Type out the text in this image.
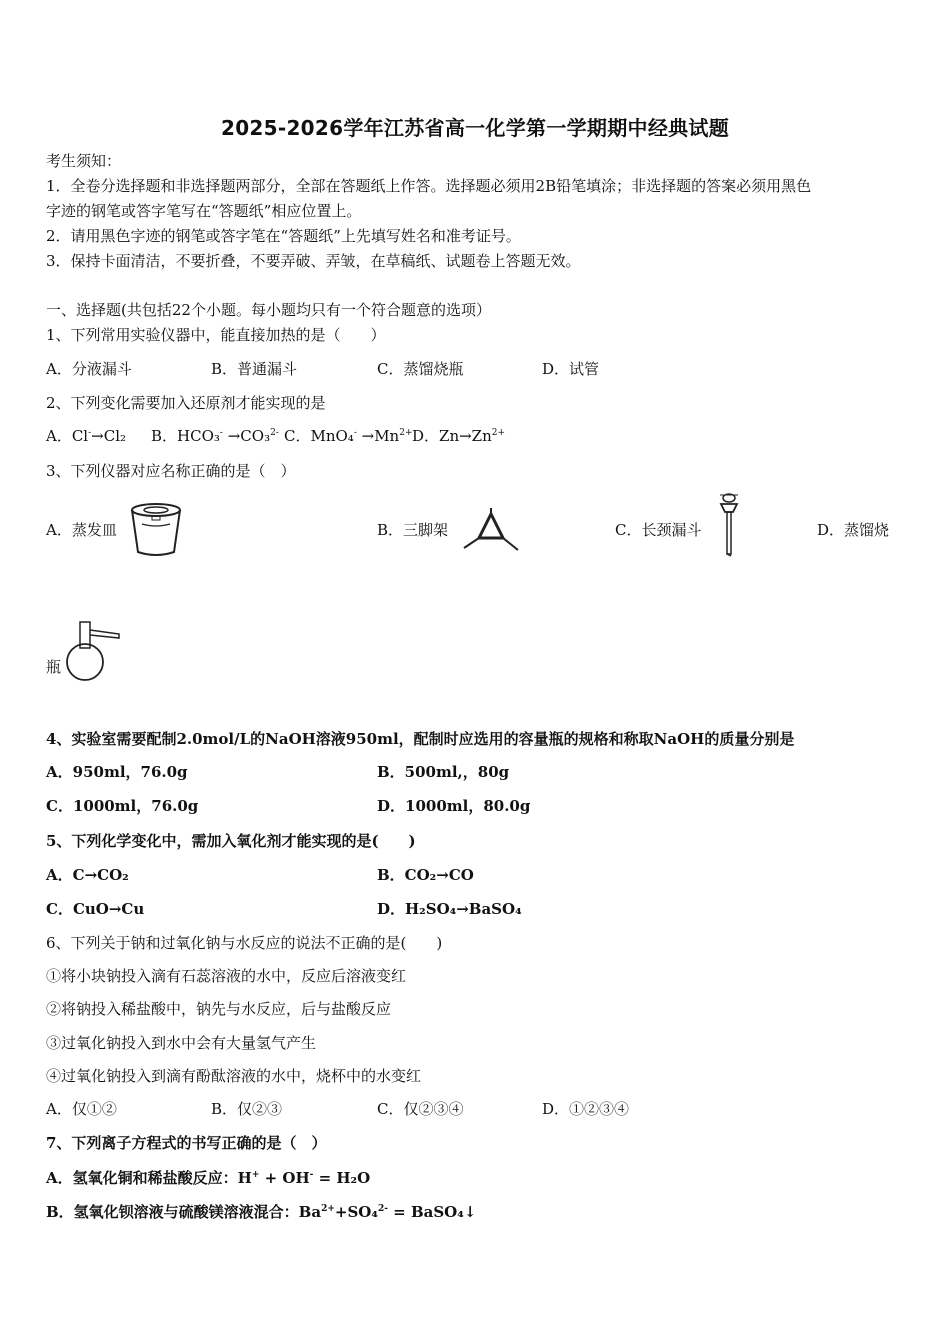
2025-2026学年江苏省高一化学第一学期期中经典试题
考生须知：
1．全卷分选择题和非选择题两部分，全部在答题纸上作答。选择题必须用2B铅笔填涂；非选择题的答案必须用黑色
字迹的钢笔或答字笔写在“答题纸”相应位置上。
2．请用黑色字迹的钢笔或答字笔在“答题纸”上先填写姓名和准考证号。
3．保持卡面清洁，不要折叠，不要弄破、弄皱，在草稿纸、试题卷上答题无效。
一、选择题(共包括22个小题。每小题均只有一个符合题意的选项）
1、下列常用实验仪器中，能直接加热的是（　　）
A．分液漏斗	B．普通漏斗	C．蒸馏烧瓶	D．试管
2、下列变化需要加入还原剂才能实现的是
A．Cl-→Cl₂ B．HCO₃- →CO₃$^{2-}$ C．$MnO_4^- \to Mn^{2+}$ D．$Zn\to Zn^{2+}$
3、下列仪器对应名称正确的是（　）
A．蒸发皿	B．三脚架	C．长颈漏斗	D．蒸馏烧
瓶
4、实验室需要配制2.0mol/L的NaOH溶液950ml，配制时应选用的容量瓶的规格和称取NaOH的质量分别是
A．950ml，76.0g	B．500ml,，80g
C．1000ml，76.0g	D．1000ml，80.0g
5、下列化学变化中，需加入氧化剂才能实现的是(　　)
A．C→CO₂	B．CO₂→CO
C．CuO→Cu	D．H₂SO₄→BaSO₄
6、下列关于钠和过氧化钠与水反应的说法不正确的是(　　)
①将小块钠投入滴有石蕊溶液的水中，反应后溶液变红
②将钠投入稀盐酸中，钠先与水反应，后与盐酸反应
③过氧化钠投入到水中会有大量氢气产生
④过氧化钠投入到滴有酚酞溶液的水中，烧杯中的水变红
A．仅①②	B．仅②③	C．仅②③④	D．①②③④
7、下列离子方程式的书写正确的是（　）
A．氢氧化铜和稀盐酸反应：H+ + OH- = H₂O
B．氢氧化钡溶液与硫酸镁溶液混合：$Ba^{2+}+SO_4^{2-}$ = BaSO₄↓
